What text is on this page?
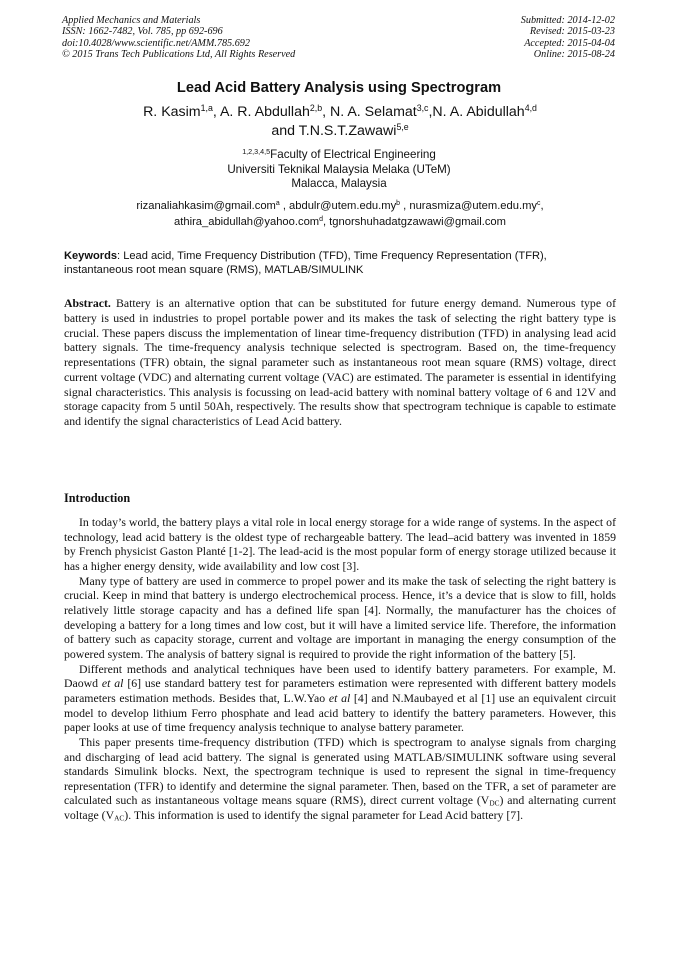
Applied Mechanics and Materials
ISSN: 1662-7482, Vol. 785, pp 692-696
doi:10.4028/www.scientific.net/AMM.785.692
© 2015 Trans Tech Publications Ltd, All Rights Reserved
Submitted: 2014-12-02
Revised: 2015-03-23
Accepted: 2015-04-04
Online: 2015-08-24
Lead Acid Battery Analysis using Spectrogram
R. Kasim$^{1,a}$, A. R. Abdullah$^{2,b}$, N. A. Selamat$^{3,c}$,N. A. Abidullah$^{4,d}$
and T.N.S.T.Zawawi$^{5,e}$
$^{1,2,3,4,5}$Faculty of Electrical Engineering
Universiti Teknikal Malaysia Melaka (UTeM)
Malacca, Malaysia
rizanaliahkasim@gmail.com$^a$ , $abdulr@utem.edu.my^b$ , $nurasmiza@utem.edu.my^c$,
athira_abidullah@yahoo.com$^d$, tgnorshuhadatgzawawi@gmail.com
Keywords: Lead acid, Time Frequency Distribution (TFD), Time Frequency Representation (TFR), instantaneous root mean square (RMS), MATLAB/SIMULINK

Abstract. Battery is an alternative option that can be substituted for future energy demand. Numerous type of battery is used in industries to propel portable power and its makes the task of selecting the right battery type is crucial. These papers discuss the implementation of linear time-frequency distribution (TFD) in analysing lead acid battery signals. The time-frequency analysis technique selected is spectrogram. Based on, the time-frequency representations (TFR) obtain, the signal parameter such as instantaneous root mean square (RMS) voltage, direct current voltage (VDC) and alternating current voltage (VAC) are estimated. The parameter is essential in identifying signal characteristics. This analysis is focussing on lead-acid battery with nominal battery voltage of 6 and 12V and storage capacity from 5 until 50Ah, respectively. The results show that spectrogram technique is capable to estimate and identify the signal characteristics of Lead Acid battery.

Introduction

In today’s world, the battery plays a vital role in local energy storage for a wide range of systems. In the aspect of technology, lead acid battery is the oldest type of rechargeable battery. The lead–acid battery was invented in 1859 by French physicist Gaston Planté [1-2]. The lead-acid is the most popular form of energy storage utilized because it has a higher energy density, wide availability and low cost [3].

Many type of battery are used in commerce to propel power and its make the task of selecting the right battery is crucial. Keep in mind that battery is undergo electrochemical process. Hence, it’s a device that is slow to fill, holds relatively little storage capacity and has a defined life span [4]. Normally, the manufacturer has the choices of developing a battery for a long times and low cost, but it will have a limited service life. Therefore, the information of battery such as capacity storage, current and voltage are important in managing the energy consumption of the powered system. The analysis of battery signal is required to provide the right information of the battery [5].

Different methods and analytical techniques have been used to identify battery parameters. For example, M. Daowd et al [6] use standard battery test for parameters estimation were represented with different battery models parameters estimation methods. Besides that, L.W.Yao et al [4] and N.Maubayed et al [1] use an equivalent circuit model to develop lithium Ferro phosphate and lead acid battery to identify the battery parameters. However, this paper looks at use of time frequency analysis technique to analyse battery parameter.

This paper presents time-frequency distribution (TFD) which is spectrogram to analyse signals from charging and discharging of lead acid battery. The signal is generated using MATLAB/SIMULINK software using several standards Simulink blocks. Next, the spectrogram technique is used to represent the signal in time-frequency representation (TFR) to identify and determine the signal parameter. Then, based on the TFR, a set of parameter are calculated such as instantaneous voltage means square (RMS), direct current voltage $(V_{DC})$ and alternating current voltage $(V_{AC})$. This information is used to identify the signal parameter for Lead Acid battery [7].
